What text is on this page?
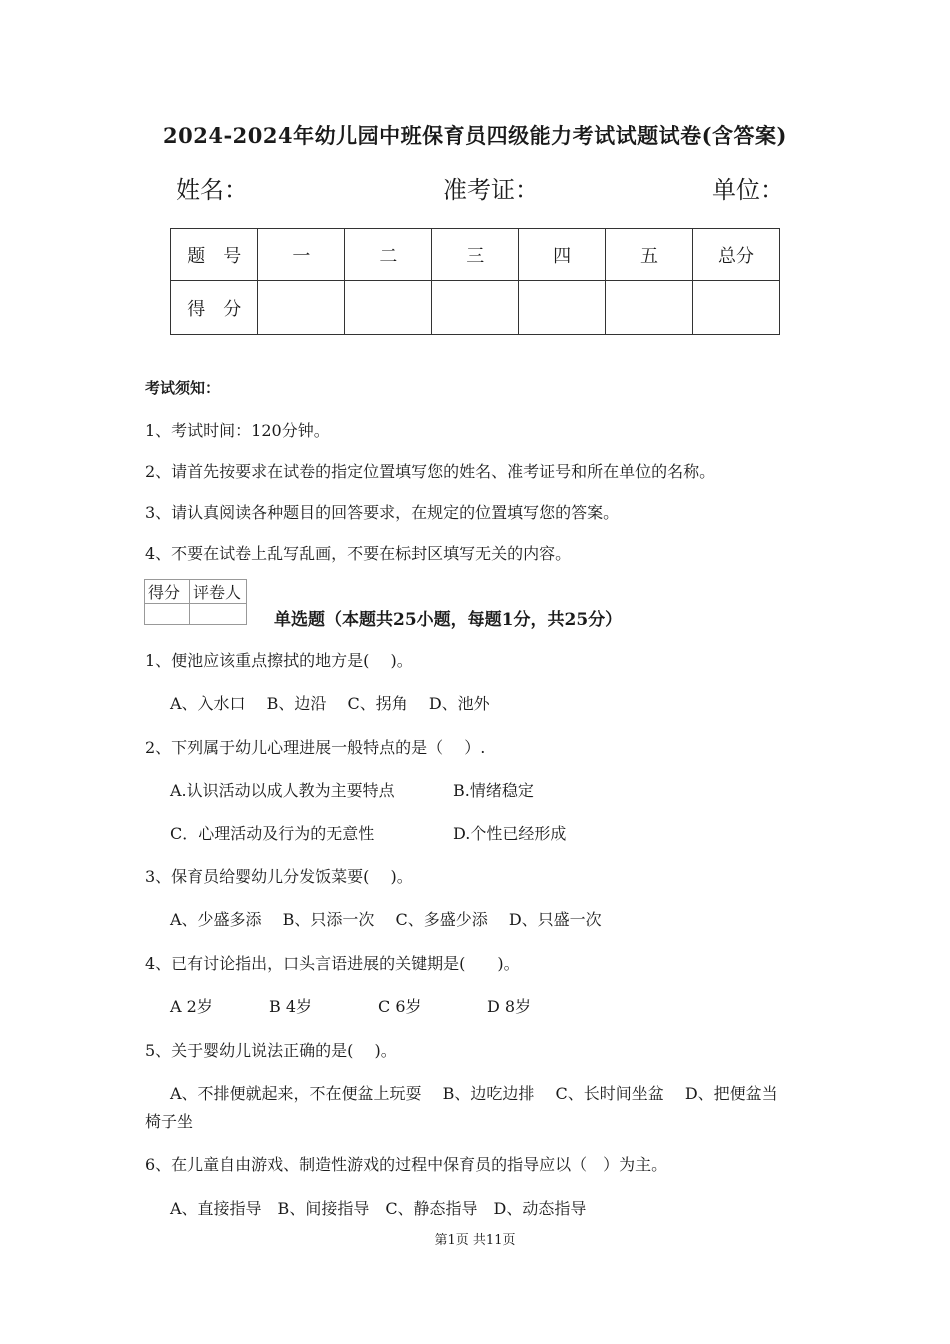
2024-2024年幼儿园中班保育员四级能力考试试题试卷(含答案)
姓名：	准考证：	单位：
题　号	一	二	三	四	五	总分
得　分						
考试须知：
1、考试时间：120分钟。
2、请首先按要求在试卷的指定位置填写您的姓名、准考证号和所在单位的名称。
3、请认真阅读各种题目的回答要求，在规定的位置填写您的答案。
4、不要在试卷上乱写乱画，不要在标封区填写无关的内容。
得分	评卷人

单选题（本题共25小题，每题1分，共25分）
1、便池应该重点擦拭的地方是(　 )。
A、入水口　 B、边沿　 C、拐角　 D、池外
2、下列属于幼儿心理进展一般特点的是（　 ）.
A.认识活动以成人教为主要特点	B.情绪稳定
C．心理活动及行为的无意性	D.个性已经形成
3、保育员给婴幼儿分发饭菜要(　 )。
A、少盛多添　 B、只添一次　 C、多盛少添　 D、只盛一次
4、已有讨论指出，口头言语进展的关键期是(　　)。
A 2岁	B 4岁	C 6岁	D 8岁
5、关于婴幼儿说法正确的是(　 )。
A、不排便就起来，不在便盆上玩耍　 B、边吃边排　 C、长时间坐盆　 D、把便盆当
椅子坐
6、在儿童自由游戏、制造性游戏的过程中保育员的指导应以（　）为主。
A、直接指导　B、间接指导　C、静态指导　D、动态指导
第1页 共11页
